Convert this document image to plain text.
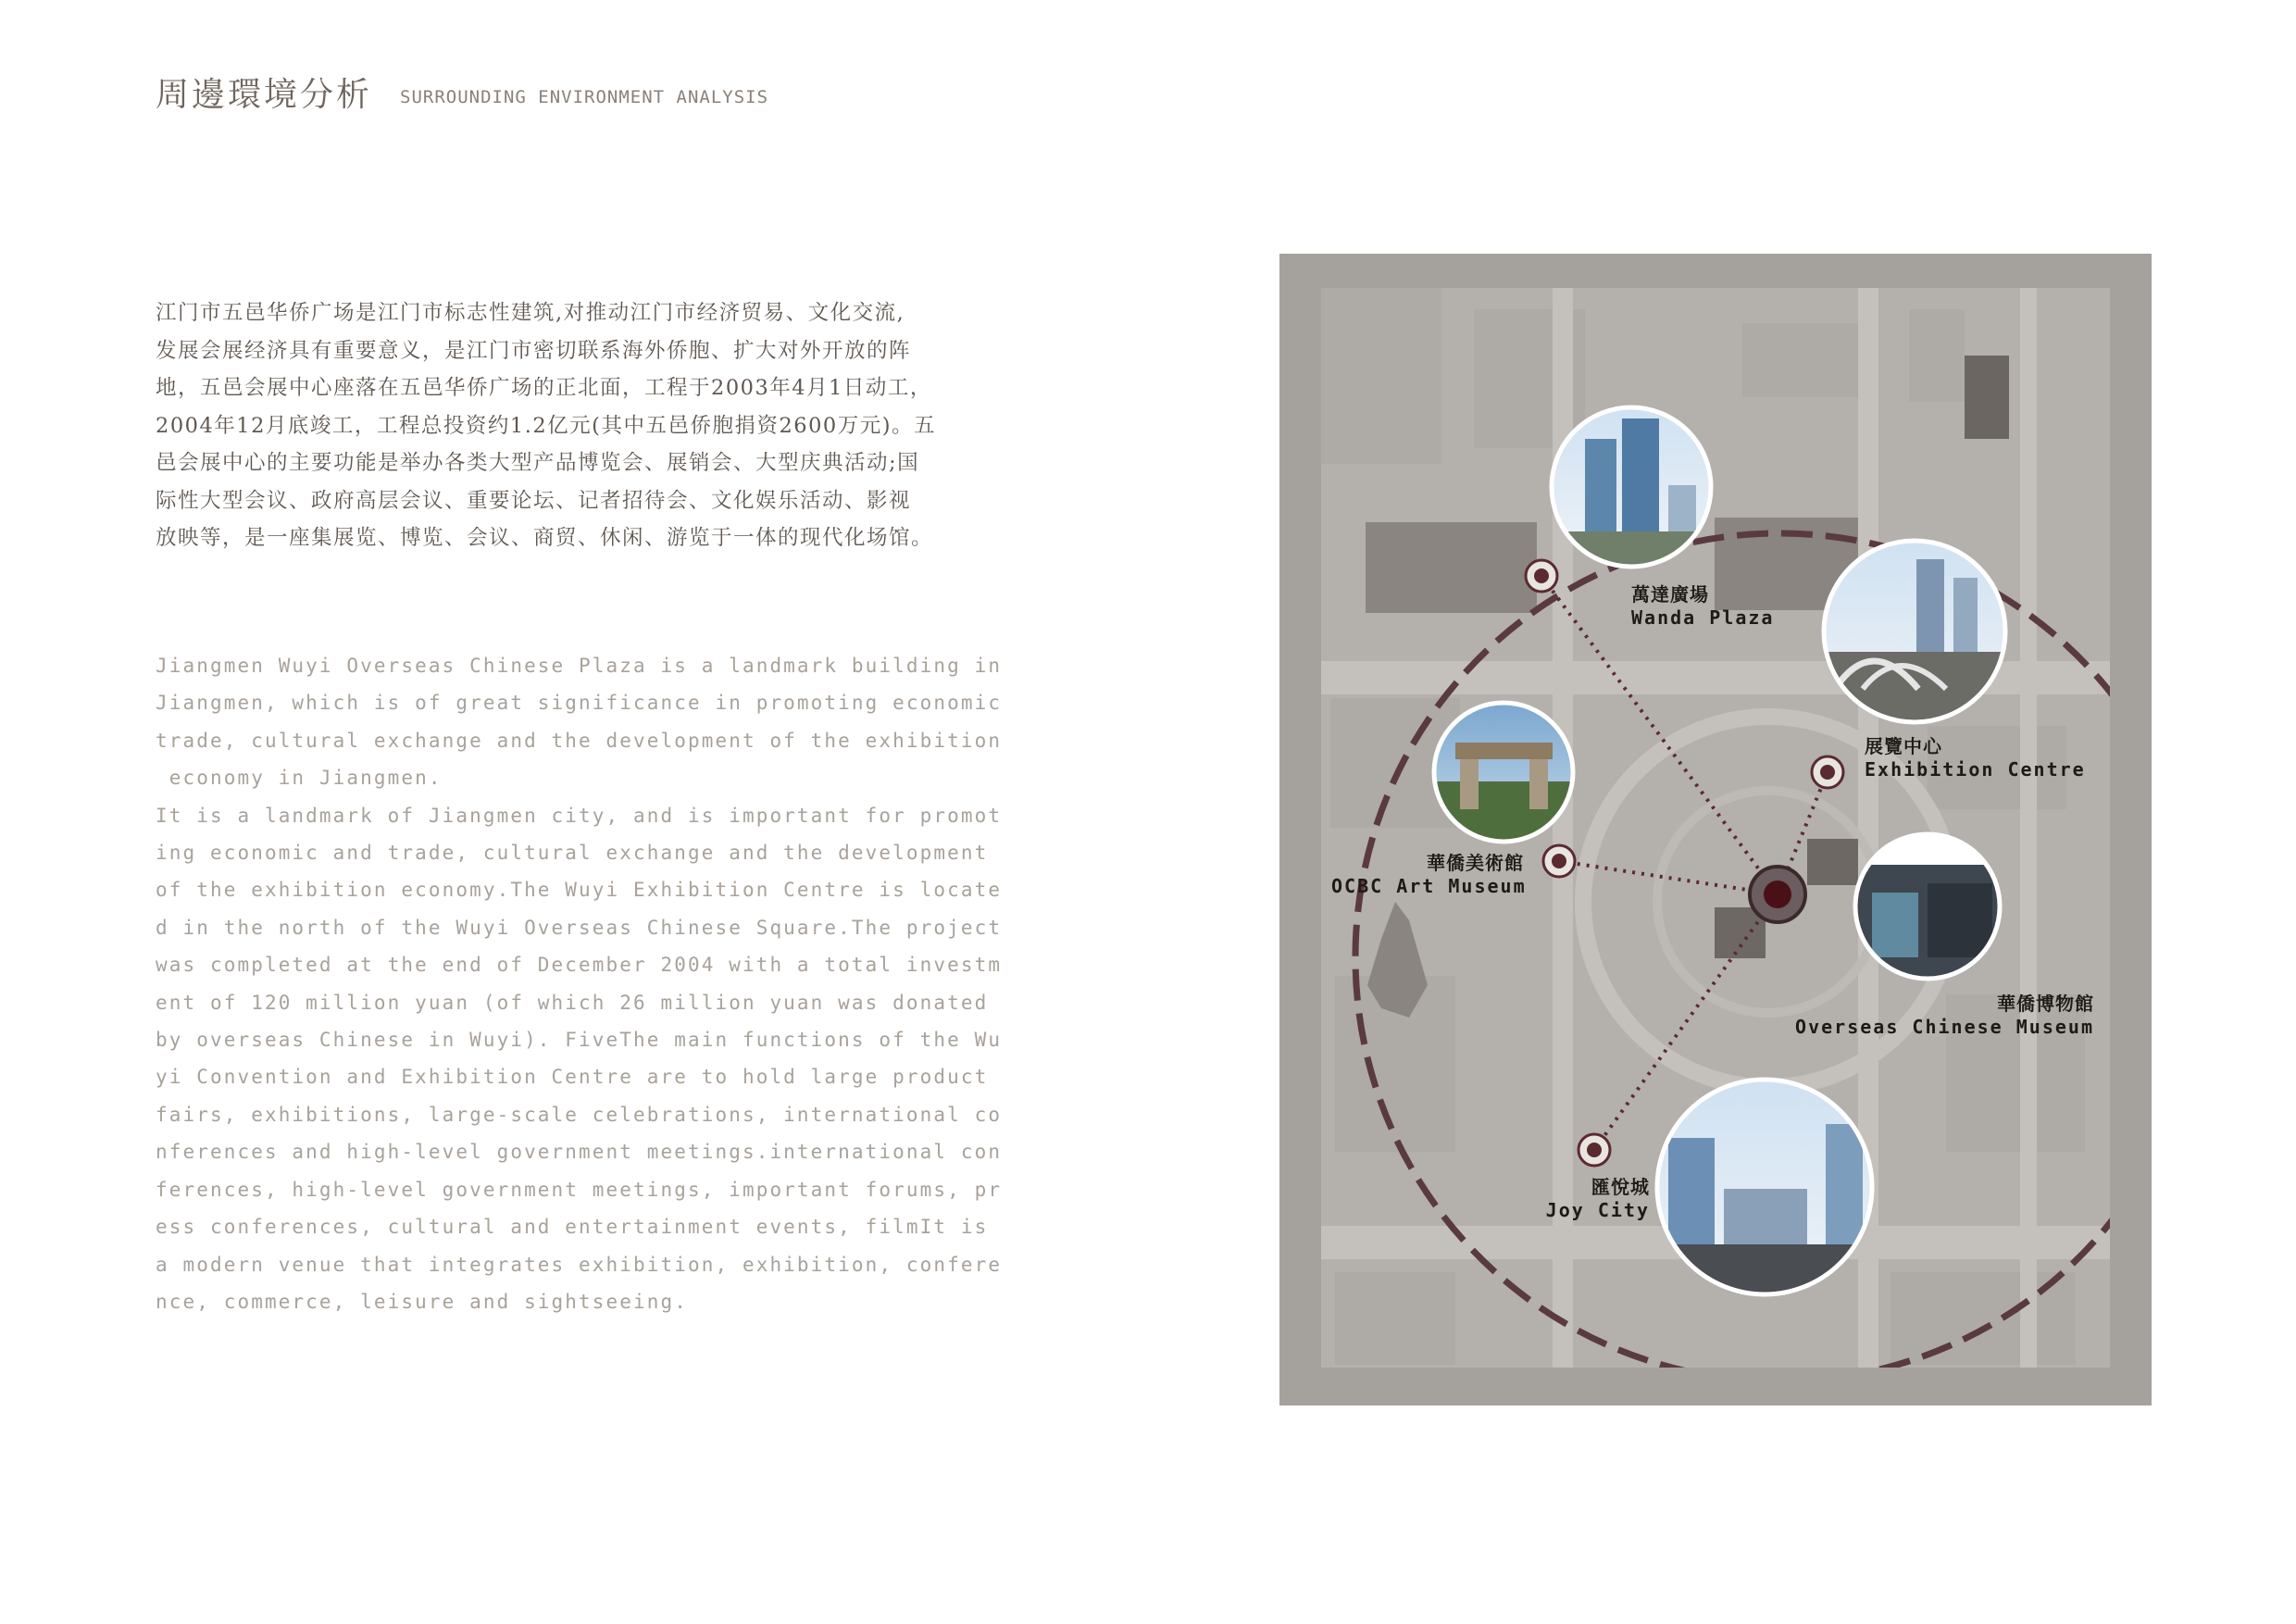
周邊環境分析 SURROUNDING ENVIRONMENT ANALYSIS
江门市五邑华侨广场是江门市标志性建筑,对推动江门市经济贸易、文化交流,
发展会展经济具有重要意义，是江门市密切联系海外侨胞、扩大对外开放的阵
地，五邑会展中心座落在五邑华侨广场的正北面，工程于2003年4月1日动工，
2004年12月底竣工，工程总投资约1.2亿元(其中五邑侨胞捐资2600万元)。五
邑会展中心的主要功能是举办各类大型产品博览会、展销会、大型庆典活动;国
际性大型会议、政府高层会议、重要论坛、记者招待会、文化娱乐活动、影视
放映等，是一座集展览、博览、会议、商贸、休闲、游览于一体的现代化场馆。
Jiangmen Wuyi Overseas Chinese Plaza is a landmark building in
Jiangmen, which is of great significance in promoting economic
trade, cultural exchange and the development of the exhibition
economy in Jiangmen.
It is a landmark of Jiangmen city, and is important for promot
ing economic and trade, cultural exchange and the development
of the exhibition economy.The Wuyi Exhibition Centre is locate
d in the north of the Wuyi Overseas Chinese Square.The project
was completed at the end of December 2004 with a total investm
ent of 120 million yuan (of which 26 million yuan was donated
by overseas Chinese in Wuyi). FiveThe main functions of the Wu
yi Convention and Exhibition Centre are to hold large product
fairs, exhibitions, large-scale celebrations, international co
nferences and high-level government meetings.international con
ferences, high-level government meetings, important forums, pr
ess conferences, cultural and entertainment events, filmIt is
a modern venue that integrates exhibition, exhibition, confere
nce, commerce, leisure and sightseeing.
萬達廣場
Wanda Plaza
展覽中心
Exhibition Centre
華僑美術館
OCBC Art Museum
華僑博物館
Overseas Chinese Museum
匯悅城
Joy City
